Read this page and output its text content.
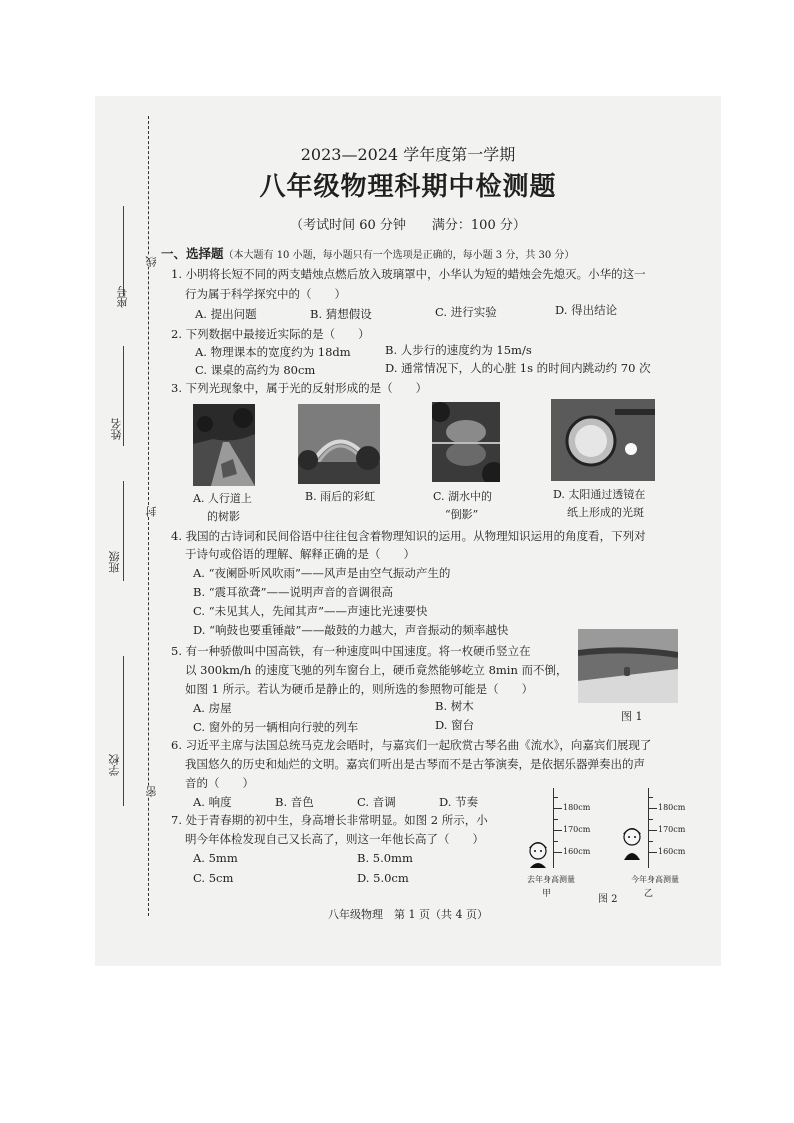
座号
姓名
班级
学校
线
封
密
2023—2024 学年度第一学期
八年级物理科期中检测题
（考试时间 60 分钟　　满分：100 分）
一、选择题（本大题有 10 小题，每小题只有一个选项是正确的，每小题 3 分，共 30 分）
1. 小明将长短不同的两支蜡烛点燃后放入玻璃罩中，小华认为短的蜡烛会先熄灭。小华的这一
行为属于科学探究中的（　　）
A. 提出问题	B. 猜想假设	C. 进行实验	D. 得出结论
2. 下列数据中最接近实际的是（　　）
A. 物理课本的宽度约为 18dm	B. 人步行的速度约为 15m/s
C. 课桌的高约为 80cm	D. 通常情况下，人的心脏 1s 的时间内跳动约 70 次
3. 下列光现象中，属于光的反射形成的是（　　）
A. 人行道上
的树影
B. 雨后的彩虹	C. 湖水中的
“倒影”
D. 太阳通过透镜在
纸上形成的光斑
4. 我国的古诗词和民间俗语中往往包含着物理知识的运用。从物理知识运用的角度看，下列对
于诗句或俗语的理解、解释正确的是（　　）
A. “夜阑卧听风吹雨”——风声是由空气振动产生的
B. “震耳欲聋”——说明声音的音调很高
C. “未见其人，先闻其声”——声速比光速要快
D. “响鼓也要重锤敲”——敲鼓的力越大，声音振动的频率越快
5. 有一种骄傲叫中国高铁，有一种速度叫中国速度。将一枚硬币竖立在
以 300km/h 的速度飞驰的列车窗台上，硬币竟然能够屹立 8min 而不倒，
如图 1 所示。若认为硬币是静止的，则所选的参照物可能是（　　）
A. 房屋	B. 树木
C. 窗外的另一辆相向行驶的列车	D. 窗台
图 1
6. 习近平主席与法国总统马克龙会晤时，与嘉宾们一起欣赏古琴名曲《流水》，向嘉宾们展现了
我国悠久的历史和灿烂的文明。嘉宾们听出是古琴而不是古筝演奏，是依据乐器弹奏出的声
音的（　　）
A. 响度	B. 音色	C. 音调	D. 节奏
7. 处于青春期的初中生，身高增长非常明显。如图 2 所示，小
明今年体检发现自己又长高了，则这一年他长高了（　　）
A. 5mm	B. 5.0mm
C. 5cm	D. 5.0cm
180cm
170cm
160cm
去年身高测量
甲
180cm
170cm
160cm
今年身高测量
乙
图 2
八年级物理　第 1 页（共 4 页）
